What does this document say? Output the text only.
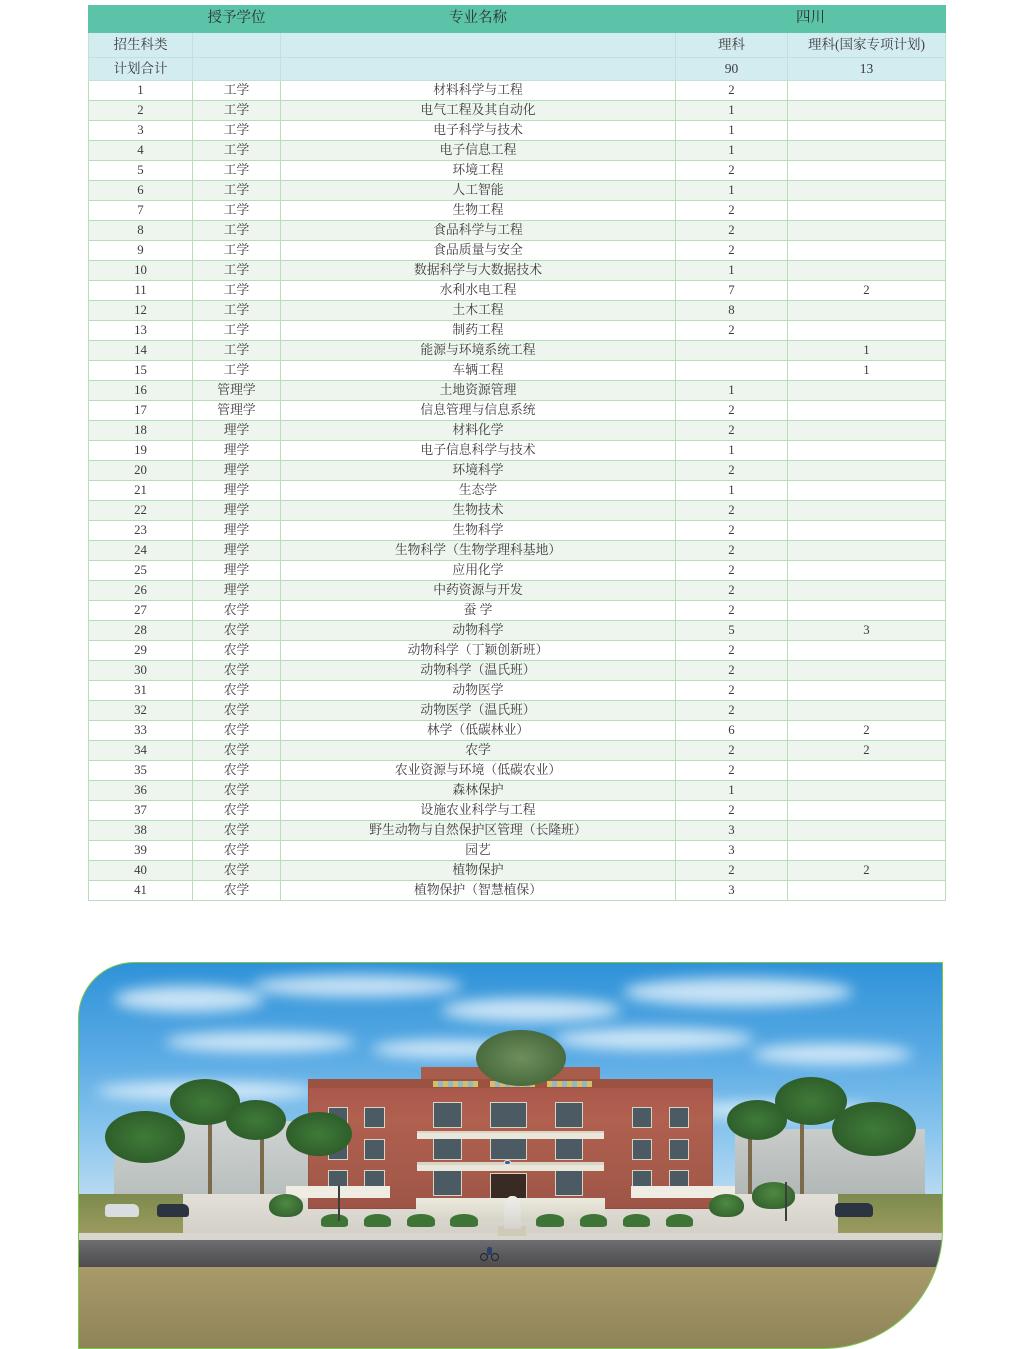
	授予学位	专业名称	四川	
招生科类			理科	理科(国家专项计划)
计划合计			90	13
1	工学	材料科学与工程	2	
2	工学	电气工程及其自动化	1	
3	工学	电子科学与技术	1	
4	工学	电子信息工程	1	
5	工学	环境工程	2	
6	工学	人工智能	1	
7	工学	生物工程	2	
8	工学	食品科学与工程	2	
9	工学	食品质量与安全	2	
10	工学	数据科学与大数据技术	1	
11	工学	水利水电工程	7	2
12	工学	土木工程	8	
13	工学	制药工程	2	
14	工学	能源与环境系统工程		1
15	工学	车辆工程		1
16	管理学	土地资源管理	1	
17	管理学	信息管理与信息系统	2	
18	理学	材料化学	2	
19	理学	电子信息科学与技术	1	
20	理学	环境科学	2	
21	理学	生态学	1	
22	理学	生物技术	2	
23	理学	生物科学	2	
24	理学	生物科学（生物学理科基地）	2	
25	理学	应用化学	2	
26	理学	中药资源与开发	2	
27	农学	蚕 学	2	
28	农学	动物科学	5	3
29	农学	动物科学（丁颖创新班）	2	
30	农学	动物科学（温氏班）	2	
31	农学	动物医学	2	
32	农学	动物医学（温氏班）	2	
33	农学	林学（低碳林业）	6	2
34	农学	农学	2	2
35	农学	农业资源与环境（低碳农业）	2	
36	农学	森林保护	1	
37	农学	设施农业科学与工程	2	
38	农学	野生动物与自然保护区管理（长隆班）	3	
39	农学	园艺	3	
40	农学	植物保护	2	2
41	农学	植物保护（智慧植保）	3	
